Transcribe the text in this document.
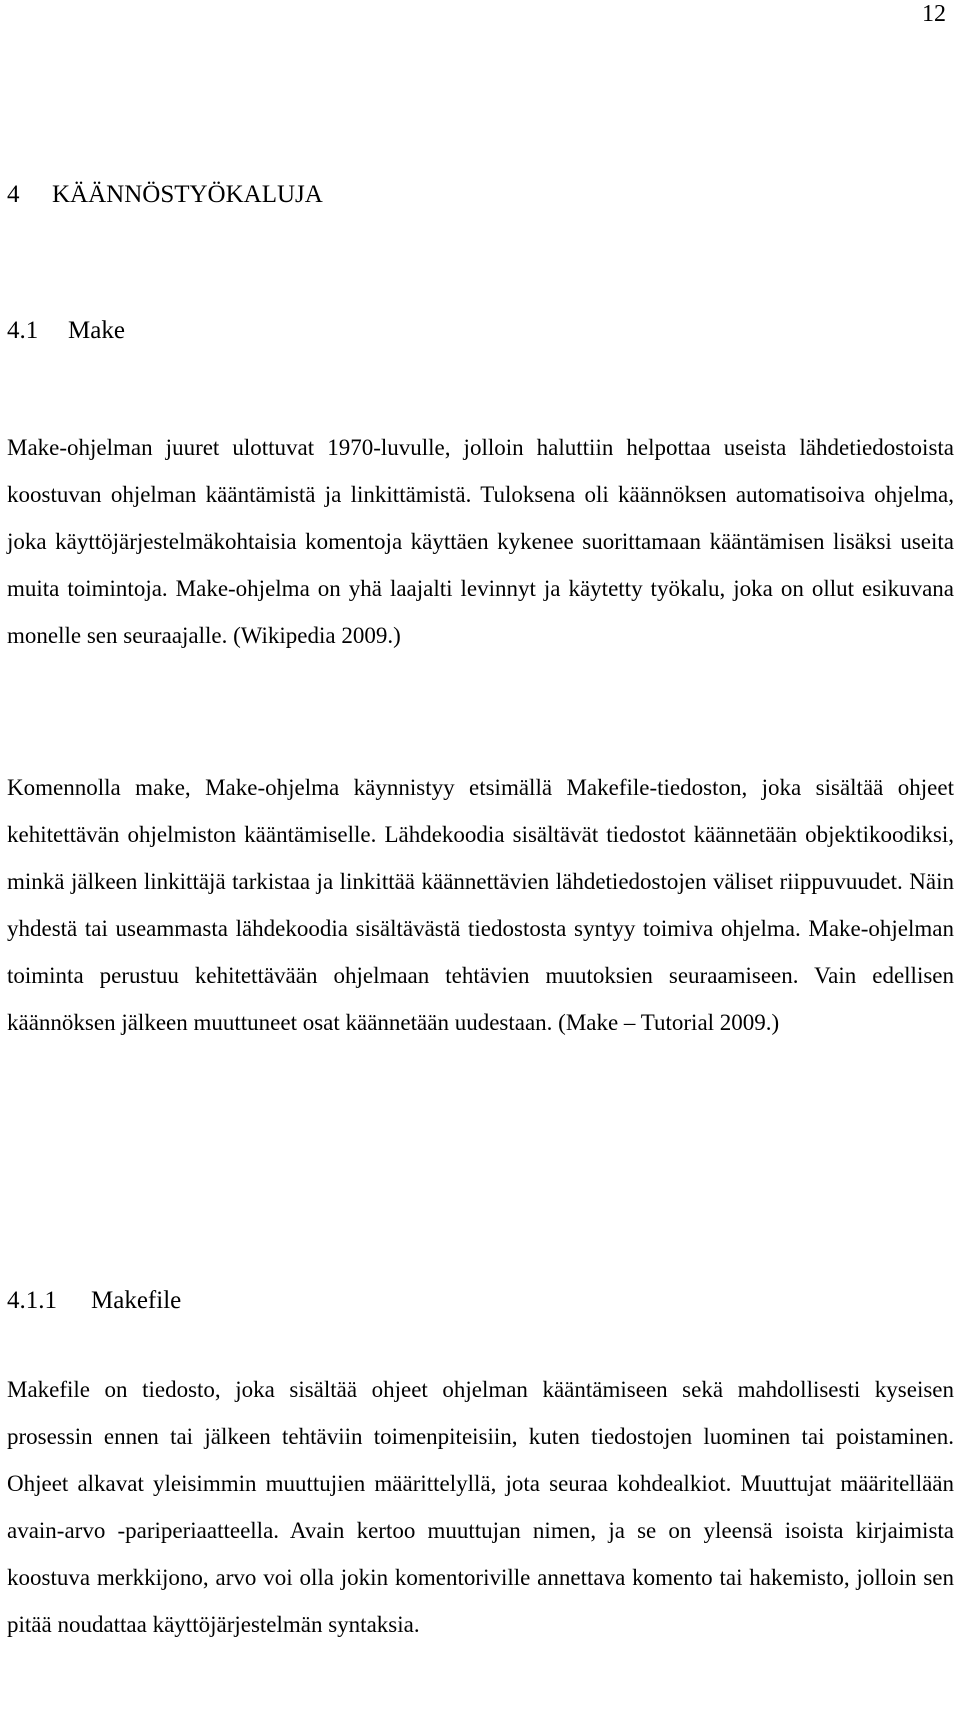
12
4 KÄÄNNÖSTYÖKALUJA
4.1 Make

Make-ohjelman juuret ulottuvat 1970-luvulle, jolloin haluttiin helpottaa useista lähdetiedostoista koostuvan ohjelman kääntämistä ja linkittämistä. Tuloksena oli käännöksen automatisoiva ohjelma, joka käyttöjärjestelmäkohtaisia komentoja käyttäen kykenee suorittamaan kääntämisen lisäksi useita muita toimintoja. Make-ohjelma on yhä laajalti levinnyt ja käytetty työkalu, joka on ollut esikuvana monelle sen seuraajalle. (Wikipedia 2009.)

Komennolla make, Make-ohjelma käynnistyy etsimällä Makefile-tiedoston, joka sisältää ohjeet kehitettävän ohjelmiston kääntämiselle. Lähdekoodia sisältävät tiedostot käännetään objektikoodiksi, minkä jälkeen linkittäjä tarkistaa ja linkittää käännettävien lähdetiedostojen väliset riippuvuudet. Näin yhdestä tai useammasta lähdekoodia sisältävästä tiedostosta syntyy toimiva ohjelma. Make-ohjelman toiminta perustuu kehitettävään ohjelmaan tehtävien muutoksien seuraamiseen. Vain edellisen käännöksen jälkeen muuttuneet osat käännetään uudestaan. (Make – Tutorial 2009.)

4.1.1 Makefile

Makefile on tiedosto, joka sisältää ohjeet ohjelman kääntämiseen sekä mahdollisesti kyseisen prosessin ennen tai jälkeen tehtäviin toimenpiteisiin, kuten tiedostojen luominen tai poistaminen. Ohjeet alkavat yleisimmin muuttujien määrittelyllä, jota seuraa kohdealkiot. Muuttujat määritellään avain-arvo -pariperiaatteella. Avain kertoo muuttujan nimen, ja se on yleensä isoista kirjaimista koostuva merkkijono, arvo voi olla jokin komentoriville annettava komento tai hakemisto, jolloin sen pitää noudattaa käyttöjärjestelmän syntaksia.
